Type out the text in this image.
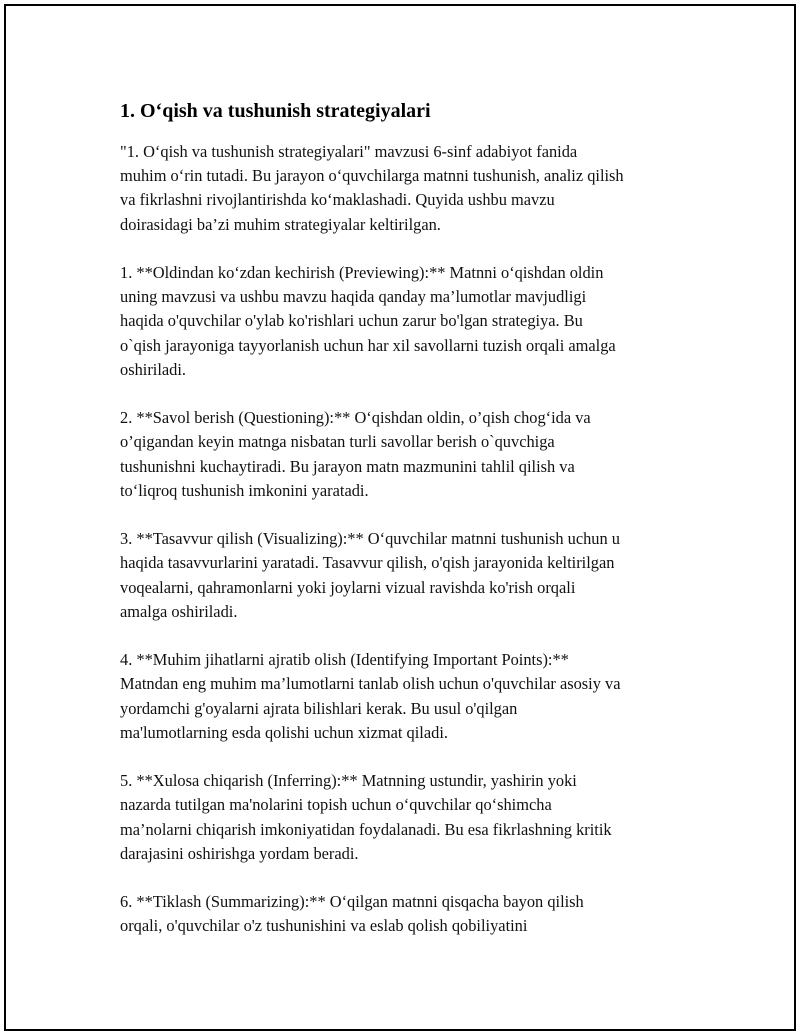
1. O‘qish va tushunish strategiyalari
"1. O‘qish va tushunish strategiyalari" mavzusi 6-sinf adabiyot fanida
muhim o‘rin tutadi. Bu jarayon o‘quvchilarga matnni tushunish, analiz qilish
va fikrlashni rivojlantirishda ko‘maklashadi. Quyida ushbu mavzu
doirasidagi ba’zi muhim strategiyalar keltirilgan.
1. **Oldindan ko‘zdan kechirish (Previewing):** Matnni o‘qishdan oldin
uning mavzusi va ushbu mavzu haqida qanday ma’lumotlar mavjudligi
haqida o'quvchilar o'ylab ko'rishlari uchun zarur bo'lgan strategiya. Bu
o`qish jarayoniga tayyorlanish uchun har xil savollarni tuzish orqali amalga
oshiriladi.
2. **Savol berish (Questioning):** O‘qishdan oldin, o’qish chog‘ida va
o’qigandan keyin matnga nisbatan turli savollar berish o`quvchiga
tushunishni kuchaytiradi. Bu jarayon matn mazmunini tahlil qilish va
to‘liqroq tushunish imkonini yaratadi.
3. **Tasavvur qilish (Visualizing):** O‘quvchilar matnni tushunish uchun u
haqida tasavvurlarini yaratadi. Tasavvur qilish, o'qish jarayonida keltirilgan
voqealarni, qahramonlarni yoki joylarni vizual ravishda ko'rish orqali
amalga oshiriladi.
4. **Muhim jihatlarni ajratib olish (Identifying Important Points):**
Matndan eng muhim ma’lumotlarni tanlab olish uchun o'quvchilar asosiy va
yordamchi g'oyalarni ajrata bilishlari kerak. Bu usul o'qilgan
ma'lumotlarning esda qolishi uchun xizmat qiladi.
5. **Xulosa chiqarish (Inferring):** Matnning ustundir, yashirin yoki
nazarda tutilgan ma'nolarini topish uchun o‘quvchilar qo‘shimcha
ma’nolarni chiqarish imkoniyatidan foydalanadi. Bu esa fikrlashning kritik
darajasini oshirishga yordam beradi.
6. **Tiklash (Summarizing):** O‘qilgan matnni qisqacha bayon qilish
orqali, o'quvchilar o'z tushunishini va eslab qolish qobiliyatini
